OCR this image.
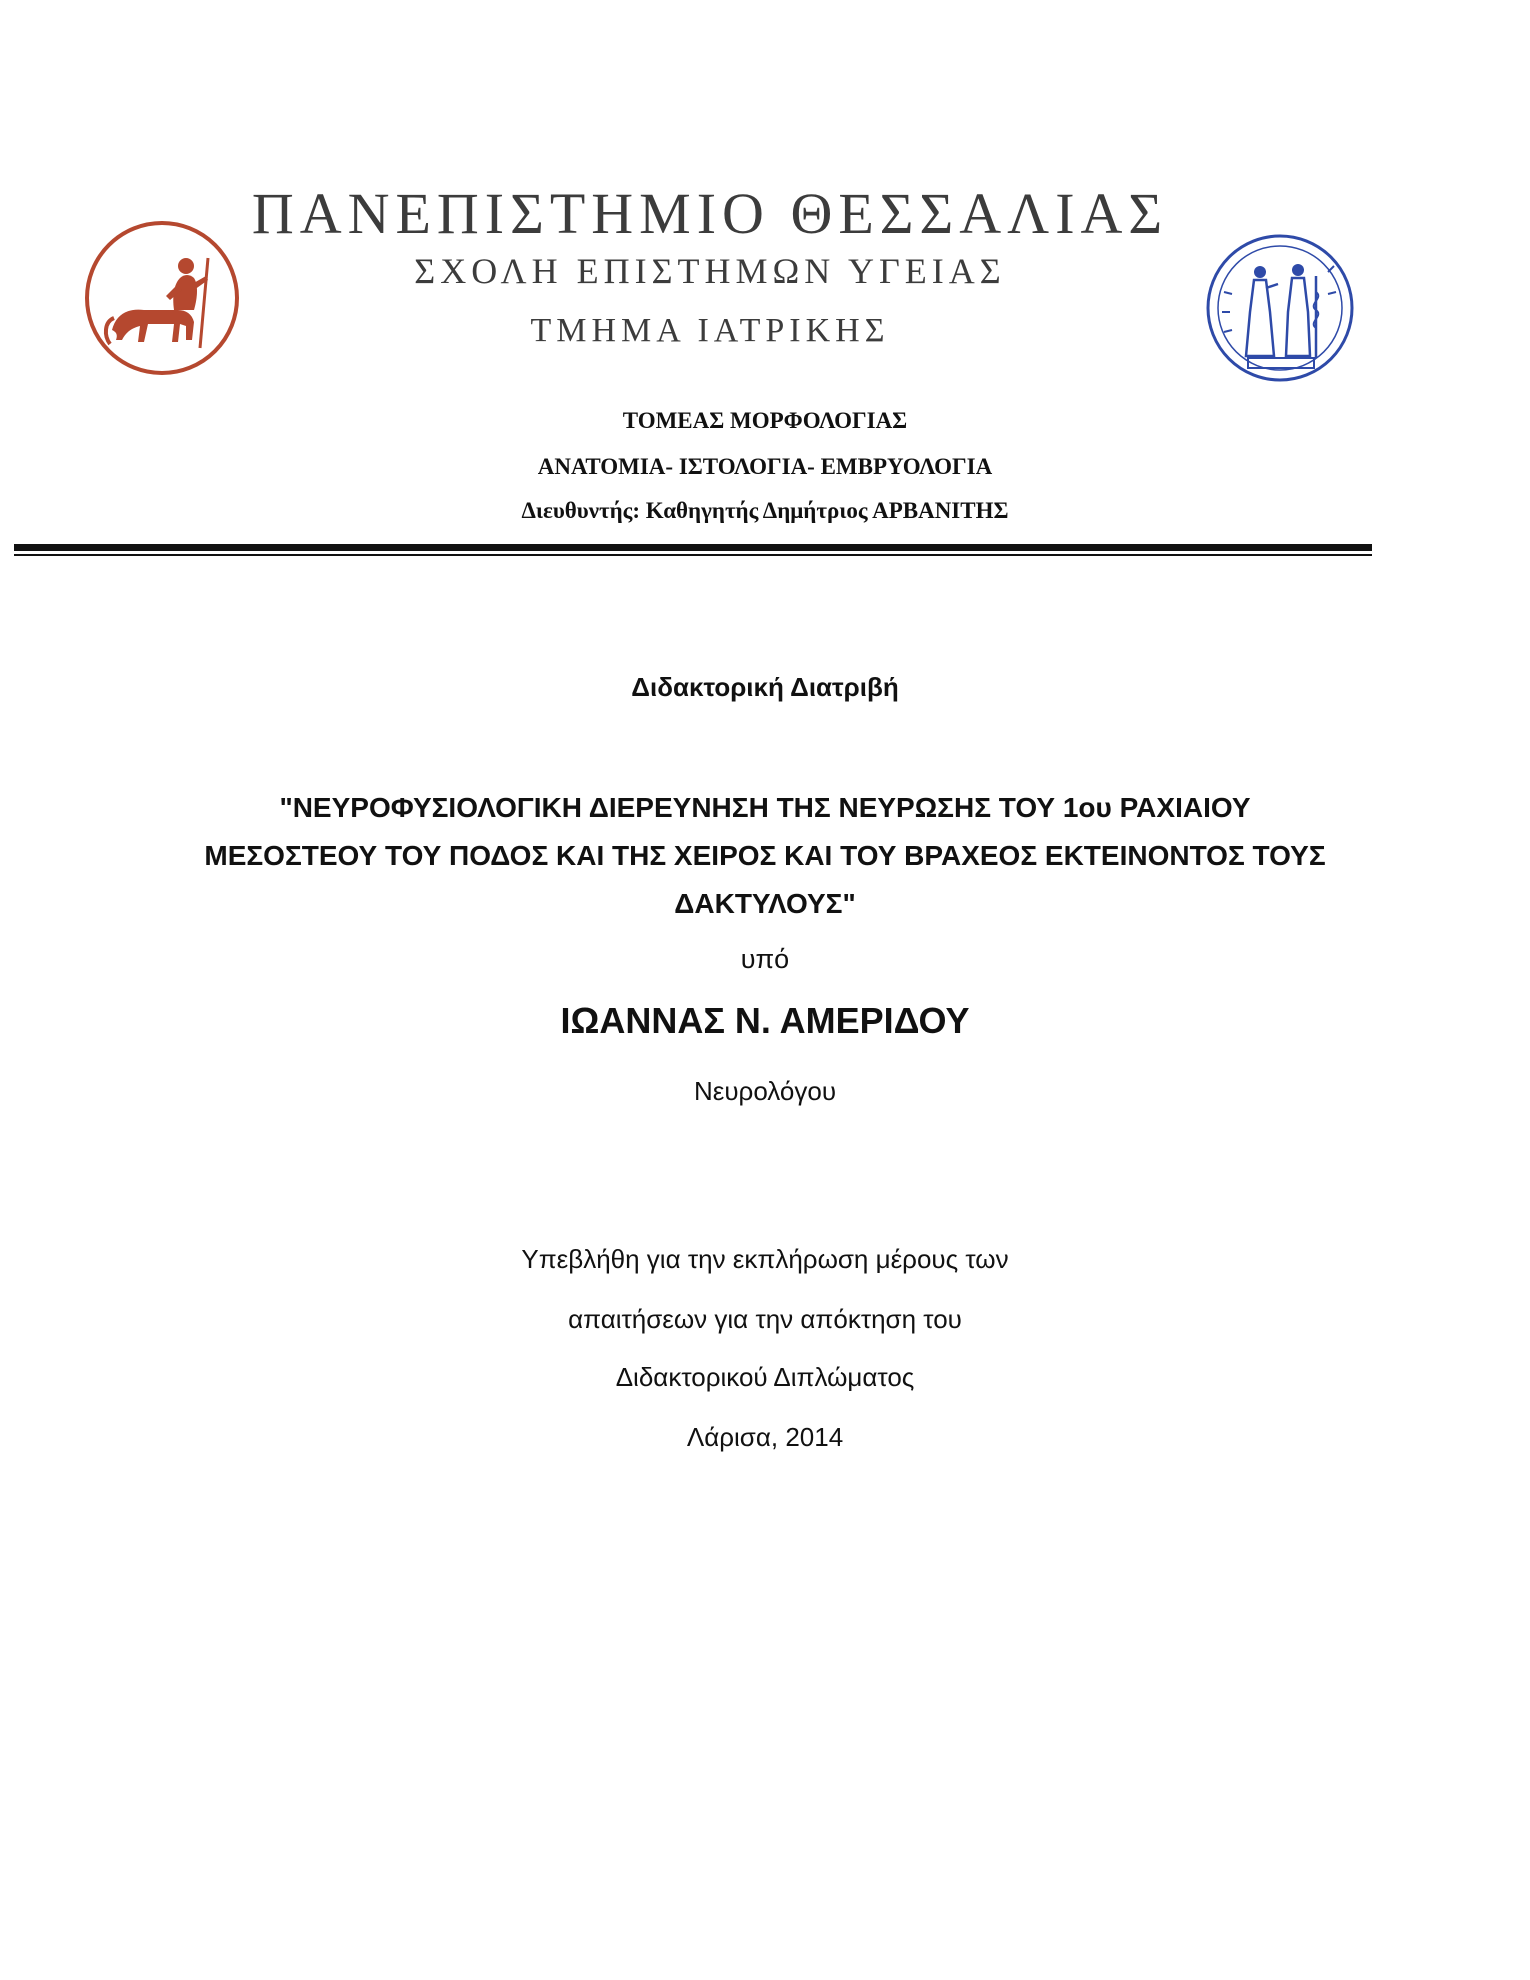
ΠΑΝΕΠΙΣΤΗΜΙΟ ΘΕΣΣΑΛΙΑΣ
ΣΧΟΛΗ ΕΠΙΣΤΗΜΩΝ ΥΓΕΙΑΣ
ΤΜΗΜΑ ΙΑΤΡΙΚΗΣ
ΤΟΜΕΑΣ ΜΟΡΦΟΛΟΓΙΑΣ
ΑΝΑΤΟΜΙΑ- ΙΣΤΟΛΟΓΙΑ- ΕΜΒΡΥΟΛΟΓΙΑ
Διευθυντής: Καθηγητής Δημήτριος ΑΡΒΑΝΙΤΗΣ
Διδακτορική Διατριβή
"ΝΕΥΡΟΦΥΣΙΟΛΟΓΙΚΗ ΔΙΕΡΕΥΝΗΣΗ ΤΗΣ ΝΕΥΡΩΣΗΣ ΤΟΥ 1ου ΡΑΧΙΑΙΟΥ
ΜΕΣΟΣΤΕΟΥ ΤΟΥ ΠΟΔΟΣ ΚΑΙ ΤΗΣ ΧΕΙΡΟΣ ΚΑΙ ΤΟΥ ΒΡΑΧΕΟΣ ΕΚΤΕΙΝΟΝΤΟΣ ΤΟΥΣ
ΔΑΚΤΥΛΟΥΣ"
υπό
ΙΩΑΝΝΑΣ Ν. ΑΜΕΡΙΔΟΥ
Νευρολόγου
Υπεβλήθη για την εκπλήρωση μέρους των
απαιτήσεων για την απόκτηση του
Διδακτορικού Διπλώματος
Λάρισα, 2014
